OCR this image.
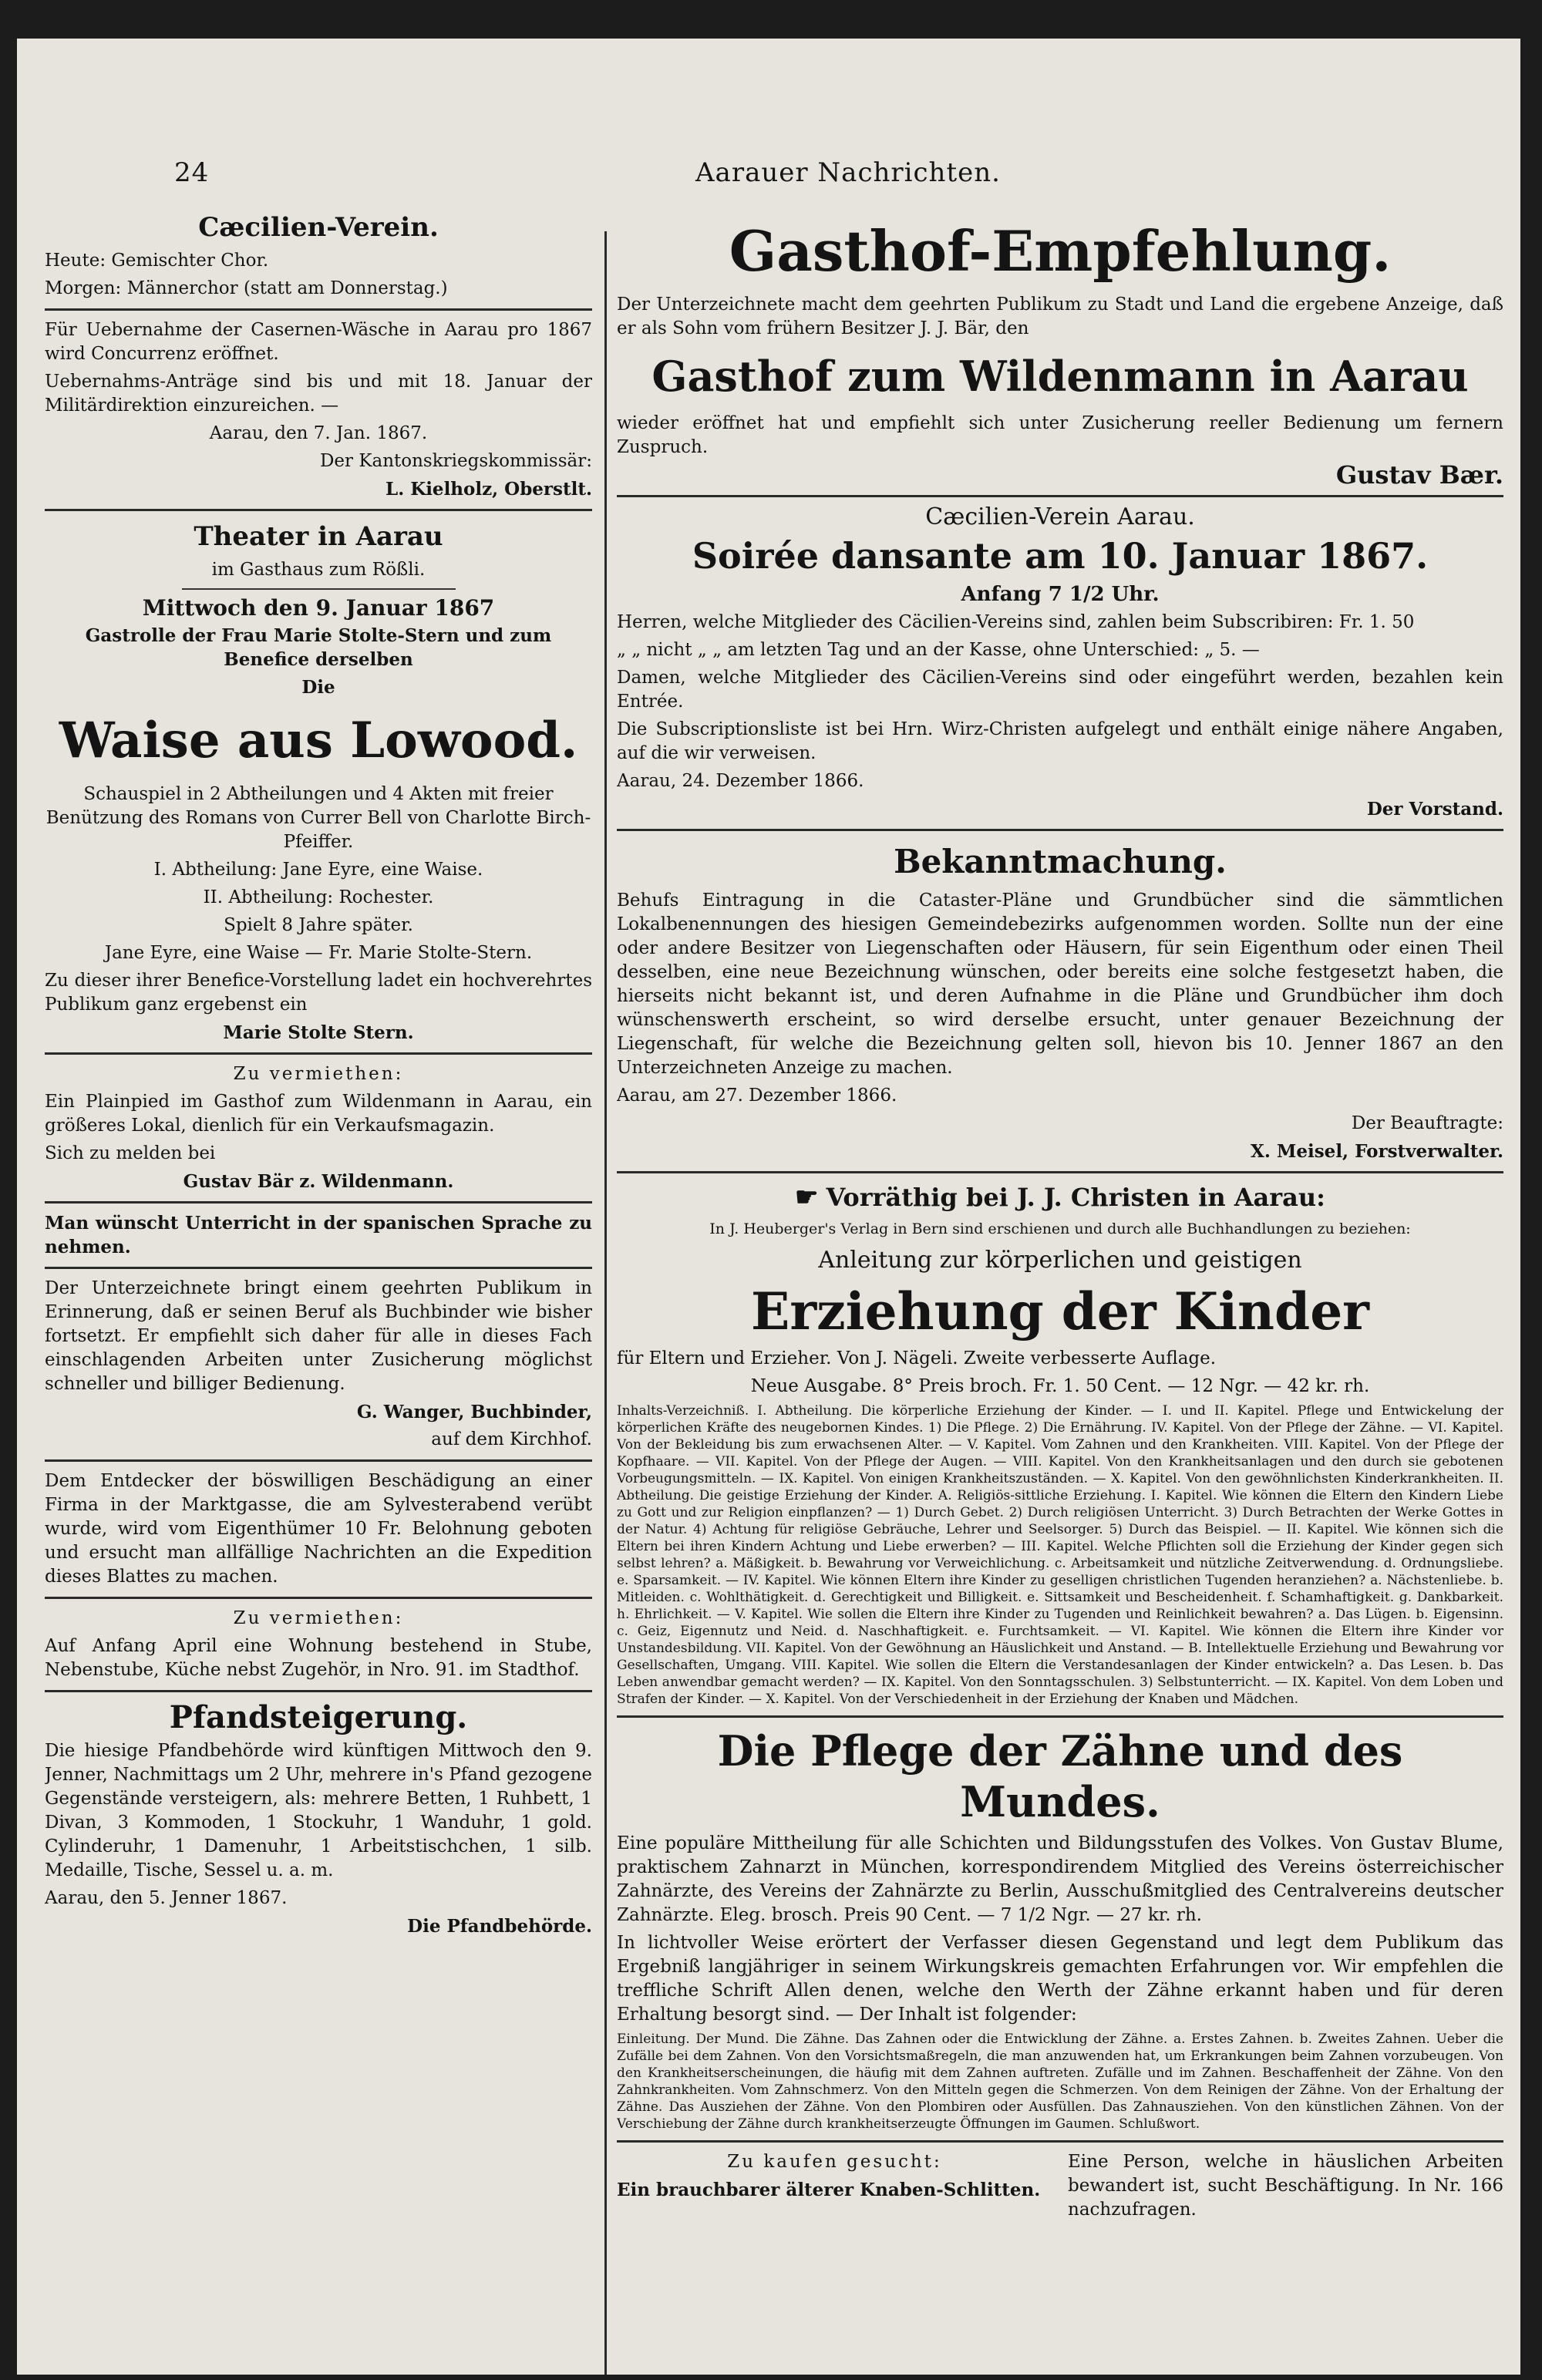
24	Aarauer Nachrichten.

Cæcilien-Verein.

Heute: Gemischter Chor.

Morgen: Männerchor (statt am Donnerstag.)

Für Uebernahme der Casernen-Wäsche in Aarau pro 1867 wird Concurrenz eröffnet.

Uebernahms-Anträge sind bis und mit 18. Januar der Militärdirektion einzureichen. —

Aarau, den 7. Jan. 1867.

Der Kantonskriegskommissär:

L. Kielholz, Oberstlt.

Theater in Aarau

im Gasthaus zum Rößli.

Mittwoch den 9. Januar 1867

Gastrolle der Frau Marie Stolte-Stern und zum Benefice derselben

Die

Waise aus Lowood.

Schauspiel in 2 Abtheilungen und 4 Akten mit freier Benützung des Romans von Currer Bell von Charlotte Birch-Pfeiffer.

I. Abtheilung: Jane Eyre, eine Waise.

II. Abtheilung: Rochester.

Spielt 8 Jahre später.

Jane Eyre, eine Waise — Fr. Marie Stolte-Stern.

Zu dieser ihrer Benefice-Vorstellung ladet ein hochverehrtes Publikum ganz ergebenst ein

Marie Stolte Stern.

Zu vermiethen:

Ein Plainpied im Gasthof zum Wildenmann in Aarau, ein größeres Lokal, dienlich für ein Verkaufsmagazin.

Sich zu melden bei

Gustav Bär z. Wildenmann.

Man wünscht Unterricht in der spanischen Sprache zu nehmen.

Der Unterzeichnete bringt einem geehrten Publikum in Erinnerung, daß er seinen Beruf als Buchbinder wie bisher fortsetzt. Er empfiehlt sich daher für alle in dieses Fach einschlagenden Arbeiten unter Zusicherung möglichst schneller und billiger Bedienung.

G. Wanger, Buchbinder,

auf dem Kirchhof.

Dem Entdecker der böswilligen Beschädigung an einer Firma in der Marktgasse, die am Sylvesterabend verübt wurde, wird vom Eigenthümer 10 Fr. Belohnung geboten und ersucht man allfällige Nachrichten an die Expedition dieses Blattes zu machen.

Zu vermiethen:

Auf Anfang April eine Wohnung bestehend in Stube, Nebenstube, Küche nebst Zugehör, in Nro. 91. im Stadthof.

Pfandsteigerung.

Die hiesige Pfandbehörde wird künftigen Mittwoch den 9. Jenner, Nachmittags um 2 Uhr, mehrere in's Pfand gezogene Gegenstände versteigern, als: mehrere Betten, 1 Ruhbett, 1 Divan, 3 Kommoden, 1 Stockuhr, 1 Wanduhr, 1 gold. Cylinderuhr, 1 Damenuhr, 1 Arbeitstischchen, 1 silb. Medaille, Tische, Sessel u. a. m.

Aarau, den 5. Jenner 1867.

Die Pfandbehörde.

Gasthof-Empfehlung.

Der Unterzeichnete macht dem geehrten Publikum zu Stadt und Land die ergebene Anzeige, daß er als Sohn vom frühern Besitzer J. J. Bär, den

Gasthof zum Wildenmann in Aarau

wieder eröffnet hat und empfiehlt sich unter Zusicherung reeller Bedienung um fernern Zuspruch.

Gustav Bær.

Cæcilien-Verein Aarau.

Soirée dansante am 10. Januar 1867.

Anfang 7 1/2 Uhr.

Herren, welche Mitglieder des Cäcilien-Vereins sind, zahlen beim Subscribiren: Fr. 1. 50

„ „ nicht „ „ am letzten Tag und an der Kasse, ohne Unterschied: „ 5. —

Damen, welche Mitglieder des Cäcilien-Vereins sind oder eingeführt werden, bezahlen kein Entrée.

Die Subscriptionsliste ist bei Hrn. Wirz-Christen aufgelegt und enthält einige nähere Angaben, auf die wir verweisen.

Aarau, 24. Dezember 1866.

Der Vorstand.

Bekanntmachung.

Behufs Eintragung in die Cataster-Pläne und Grundbücher sind die sämmtlichen Lokalbenennungen des hiesigen Gemeindebezirks aufgenommen worden. Sollte nun der eine oder andere Besitzer von Liegenschaften oder Häusern, für sein Eigenthum oder einen Theil desselben, eine neue Bezeichnung wünschen, oder bereits eine solche festgesetzt haben, die hierseits nicht bekannt ist, und deren Aufnahme in die Pläne und Grundbücher ihm doch wünschenswerth erscheint, so wird derselbe ersucht, unter genauer Bezeichnung der Liegenschaft, für welche die Bezeichnung gelten soll, hievon bis 10. Jenner 1867 an den Unterzeichneten Anzeige zu machen.

Aarau, am 27. Dezember 1866.

Der Beauftragte:

X. Meisel, Forstverwalter.

☛ Vorräthig bei J. J. Christen in Aarau:

In J. Heuberger's Verlag in Bern sind erschienen und durch alle Buchhandlungen zu beziehen:

Anleitung zur körperlichen und geistigen

Erziehung der Kinder

für Eltern und Erzieher. Von J. Nägeli. Zweite verbesserte Auflage.

Neue Ausgabe. 8° Preis broch. Fr. 1. 50 Cent. — 12 Ngr. — 42 kr. rh.

Inhalts-Verzeichniß. I. Abtheilung. Die körperliche Erziehung der Kinder. — I. und II. Kapitel. Pflege und Entwickelung der körperlichen Kräfte des neugebornen Kindes. 1) Die Pflege. 2) Die Ernährung. IV. Kapitel. Von der Pflege der Zähne. — VI. Kapitel. Von der Bekleidung bis zum erwachsenen Alter. — V. Kapitel. Vom Zahnen und den Krankheiten. VIII. Kapitel. Von der Pflege der Kopfhaare. — VII. Kapitel. Von der Pflege der Augen. — VIII. Kapitel. Von den Krankheitsanlagen und den durch sie gebotenen Vorbeugungsmitteln. — IX. Kapitel. Von einigen Krankheitszuständen. — X. Kapitel. Von den gewöhnlichsten Kinderkrankheiten. II. Abtheilung. Die geistige Erziehung der Kinder. A. Religiös-sittliche Erziehung. I. Kapitel. Wie können die Eltern den Kindern Liebe zu Gott und zur Religion einpflanzen? — 1) Durch Gebet. 2) Durch religiösen Unterricht. 3) Durch Betrachten der Werke Gottes in der Natur. 4) Achtung für religiöse Gebräuche, Lehrer und Seelsorger. 5) Durch das Beispiel. — II. Kapitel. Wie können sich die Eltern bei ihren Kindern Achtung und Liebe erwerben? — III. Kapitel. Welche Pflichten soll die Erziehung der Kinder gegen sich selbst lehren? a. Mäßigkeit. b. Bewahrung vor Verweichlichung. c. Arbeitsamkeit und nützliche Zeitverwendung. d. Ordnungsliebe. e. Sparsamkeit. — IV. Kapitel. Wie können Eltern ihre Kinder zu geselligen christlichen Tugenden heranziehen? a. Nächstenliebe. b. Mitleiden. c. Wohlthätigkeit. d. Gerechtigkeit und Billigkeit. e. Sittsamkeit und Bescheidenheit. f. Schamhaftigkeit. g. Dankbarkeit. h. Ehrlichkeit. — V. Kapitel. Wie sollen die Eltern ihre Kinder zu Tugenden und Reinlichkeit bewahren? a. Das Lügen. b. Eigensinn. c. Geiz, Eigennutz und Neid. d. Naschhaftigkeit. e. Furchtsamkeit. — VI. Kapitel. Wie können die Eltern ihre Kinder vor Unstandesbildung. VII. Kapitel. Von der Gewöhnung an Häuslichkeit und Anstand. — B. Intellektuelle Erziehung und Bewahrung vor Gesellschaften, Umgang. VIII. Kapitel. Wie sollen die Eltern die Verstandesanlagen der Kinder entwickeln? a. Das Lesen. b. Das Leben anwendbar gemacht werden? — IX. Kapitel. Von den Sonntagsschulen. 3) Selbstunterricht. — IX. Kapitel. Von dem Loben und Strafen der Kinder. — X. Kapitel. Von der Verschiedenheit in der Erziehung der Knaben und Mädchen.

Die Pflege der Zähne und des Mundes.

Eine populäre Mittheilung für alle Schichten und Bildungsstufen des Volkes. Von Gustav Blume, praktischem Zahnarzt in München, korrespondirendem Mitglied des Vereins österreichischer Zahnärzte, des Vereins der Zahnärzte zu Berlin, Ausschußmitglied des Centralvereins deutscher Zahnärzte. Eleg. brosch. Preis 90 Cent. — 7 1/2 Ngr. — 27 kr. rh.

In lichtvoller Weise erörtert der Verfasser diesen Gegenstand und legt dem Publikum das Ergebniß langjähriger in seinem Wirkungskreis gemachten Erfahrungen vor. Wir empfehlen die treffliche Schrift Allen denen, welche den Werth der Zähne erkannt haben und für deren Erhaltung besorgt sind. — Der Inhalt ist folgender:

Einleitung. Der Mund. Die Zähne. Das Zahnen oder die Entwicklung der Zähne. a. Erstes Zahnen. b. Zweites Zahnen. Ueber die Zufälle bei dem Zahnen. Von den Vorsichtsmaßregeln, die man anzuwenden hat, um Erkrankungen beim Zahnen vorzubeugen. Von den Krankheitserscheinungen, die häufig mit dem Zahnen auftreten. Zufälle und im Zahnen. Beschaffenheit der Zähne. Von den Zahnkrankheiten. Vom Zahnschmerz. Von den Mitteln gegen die Schmerzen. Von dem Reinigen der Zähne. Von der Erhaltung der Zähne. Das Ausziehen der Zähne. Von den Plombiren oder Ausfüllen. Das Zahnausziehen. Von den künstlichen Zähnen. Von der Verschiebung der Zähne durch krankheitserzeugte Öffnungen im Gaumen. Schlußwort.

Zu kaufen gesucht:

Ein brauchbarer älterer Knaben-Schlitten.

Eine Person, welche in häuslichen Arbeiten bewandert ist, sucht Beschäftigung. In Nr. 166 nachzufragen.
